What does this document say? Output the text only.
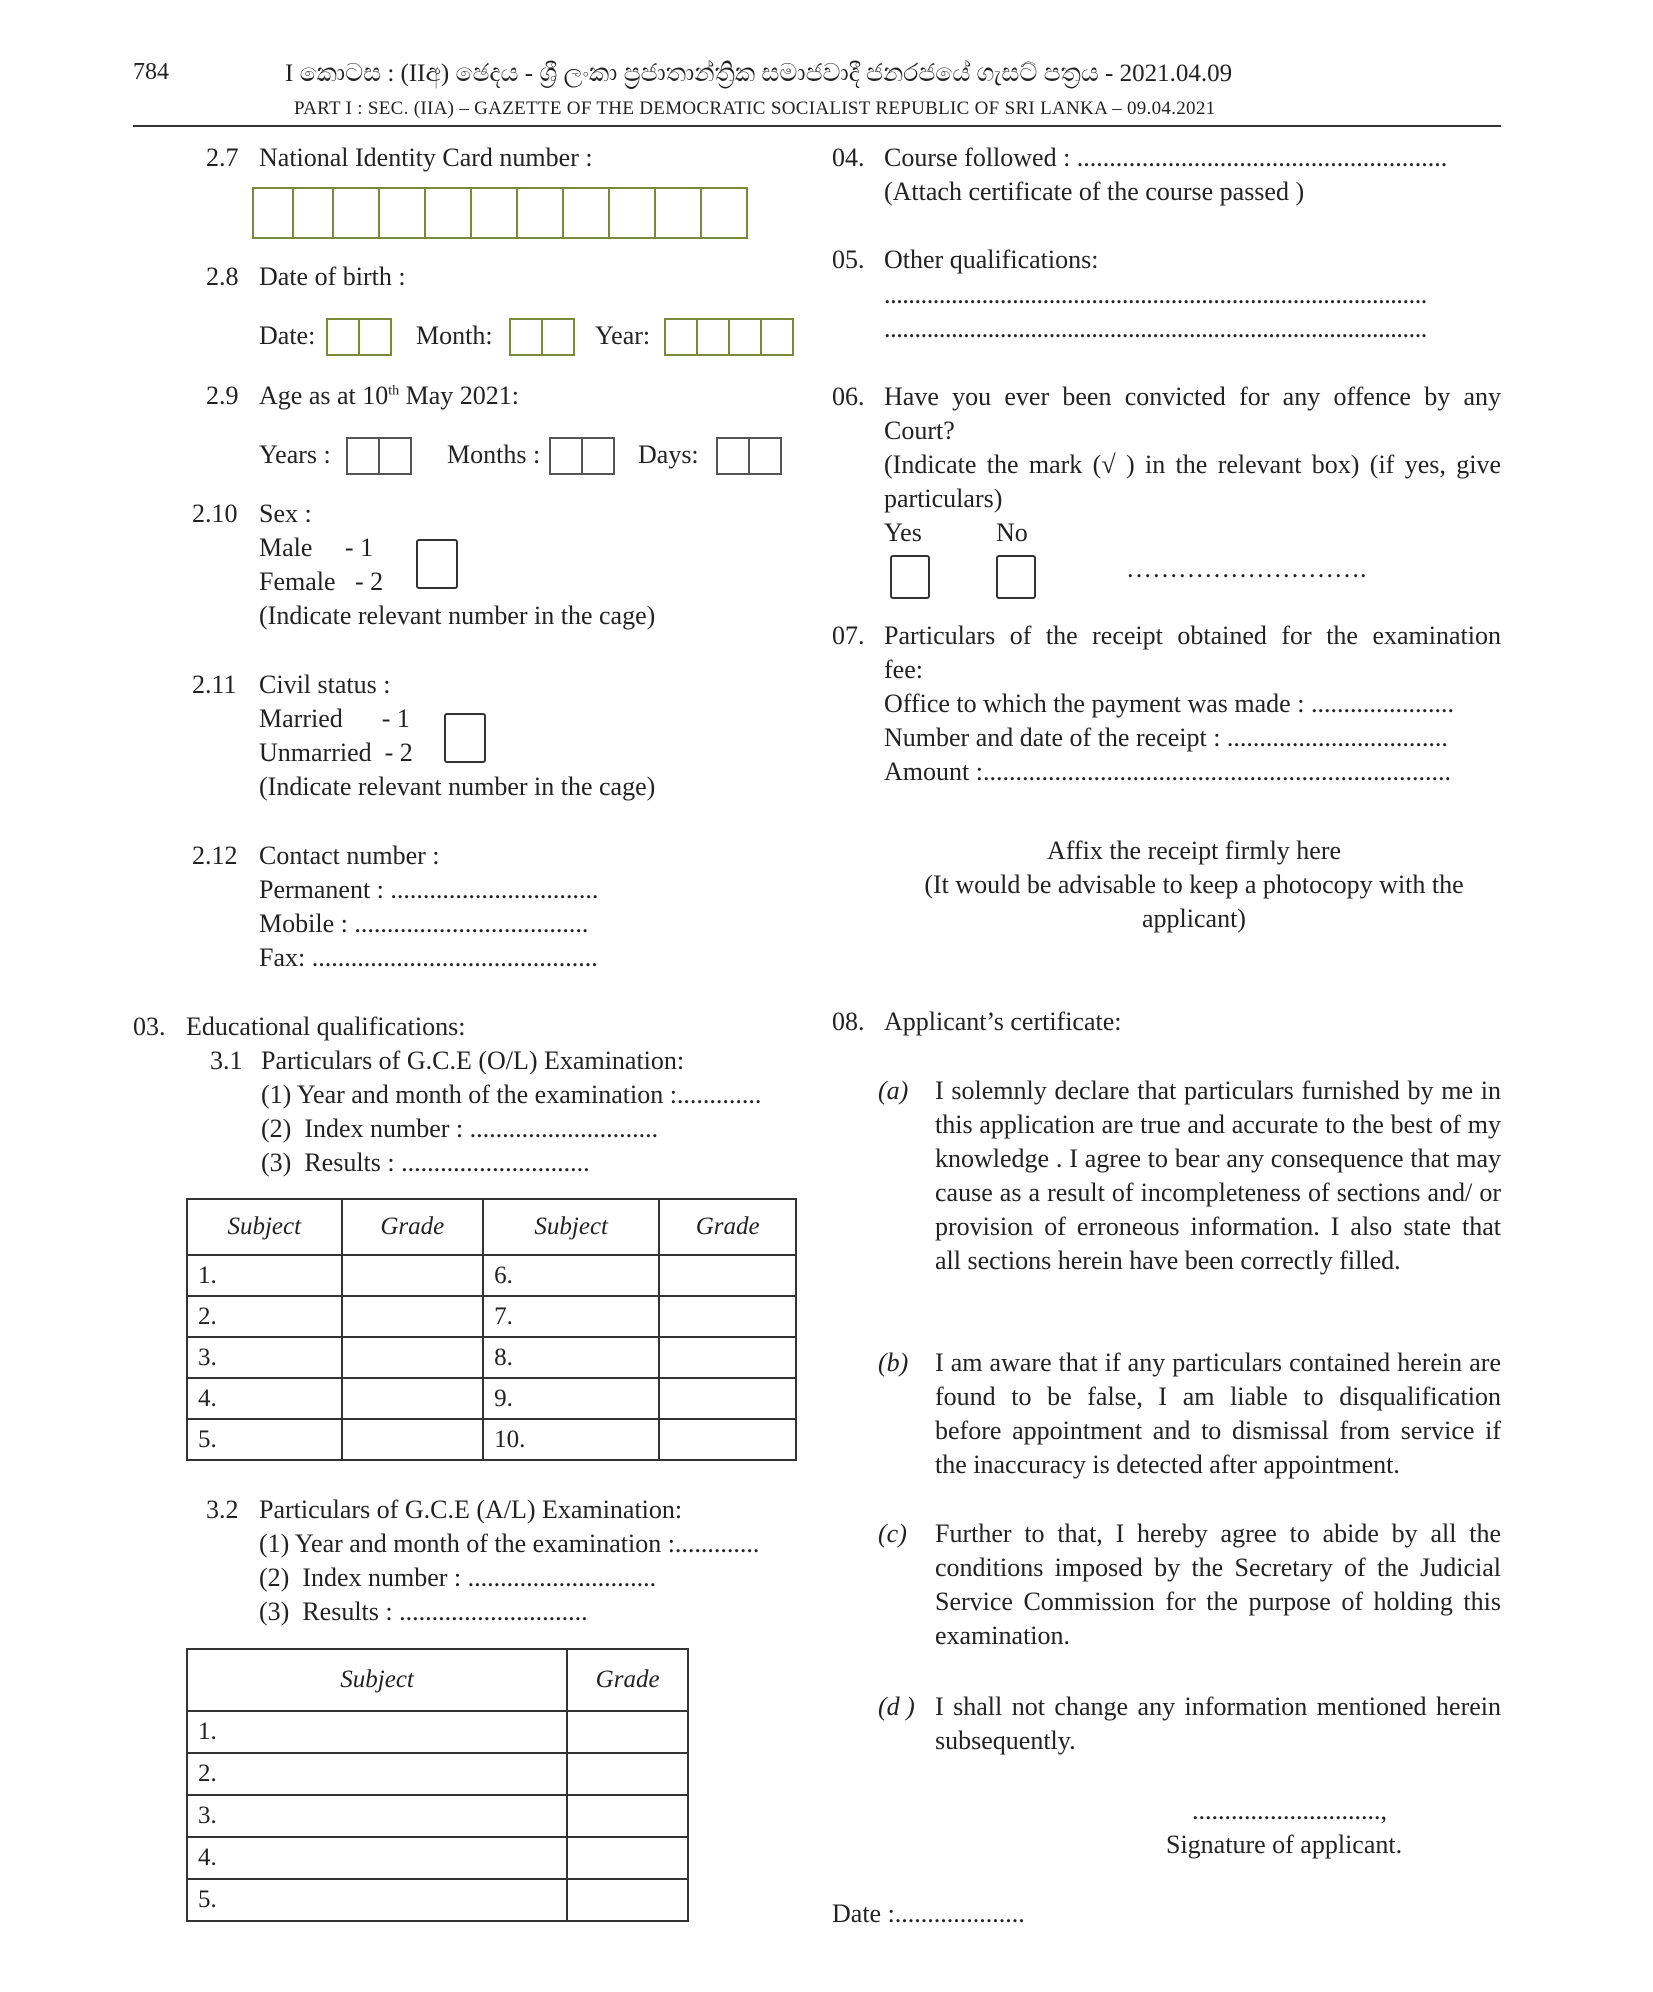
784	I කොටස : (IIඅ) ඡෙදය - ශ්‍රී ලංකා ප්‍රජාතාන්ත්‍රික සමාජවාදී ජනරජයේ ගැසට් පත්‍රය - 2021.04.09
PART I : SEC. (IIA) – GAZETTE OF THE DEMOCRATIC SOCIALIST REPUBLIC OF SRI LANKA – 09.04.2021
2.7 National Identity Card number :
2.8 Date of birth :
Date:	Month:	Year:
2.9 Age as at 10th May 2021:
Years :	Months :	Days:
2.10 Sex :
Male     - 1
Female   - 2
(Indicate relevant number in the cage)
2.11 Civil status :
Married      - 1
Unmarried  - 2
(Indicate relevant number in the cage)
2.12 Contact number :
Permanent : ................................
Mobile : ....................................
Fax: ............................................
03. Educational qualifications:
3.1 Particulars of G.C.E (O/L) Examination:
(1) Year and month of the examination :.............
(2)  Index number : .............................
(3)  Results : .............................
Subject	Grade	Subject	Grade
1.		6.	
2.		7.	
3.		8.	
4.		9.	
5.		10.	
3.2 Particulars of G.C.E (A/L) Examination:
(1) Year and month of the examination :.............
(2)  Index number : .............................
(3)  Results : .............................
Subject	Grade
1.	
2.	
3.	
4.	
5.	
04. Course followed : .........................................................
(Attach certificate of the course passed )
05. Other qualifications:
.........................................................................................
.........................................................................................
06. Have you ever been convicted for any offence by any
Court?
(Indicate the mark (√ ) in the relevant box) (if yes, give
particulars)
Yes	No
……………………….
07. Particulars of the receipt obtained for the examination
fee:
Office to which the payment was made : ......................
Number and date of the receipt : ..................................
Amount :........................................................................
Affix the receipt firmly here
(It would be advisable to keep a photocopy with the
applicant)
08. Applicant’s certificate:
(a) I solemnly declare that particulars furnished by me in this application are true and accurate to the best of my knowledge . I agree to bear any consequence that may cause as a result of incompleteness of sections and/ or provision of erroneous information. I also state that all sections herein have been correctly filled.
(b) I am aware that if any particulars contained herein are found to be false, I am liable to disqualification before appointment and to dismissal from service if the inaccuracy is detected after appointment.
(c) Further to that, I hereby agree to abide by all the conditions imposed by the Secretary of the Judicial Service Commission for the purpose of holding this examination.
(d ) I shall not change any information mentioned herein subsequently.
.............................,
Signature of applicant.
Date :....................
